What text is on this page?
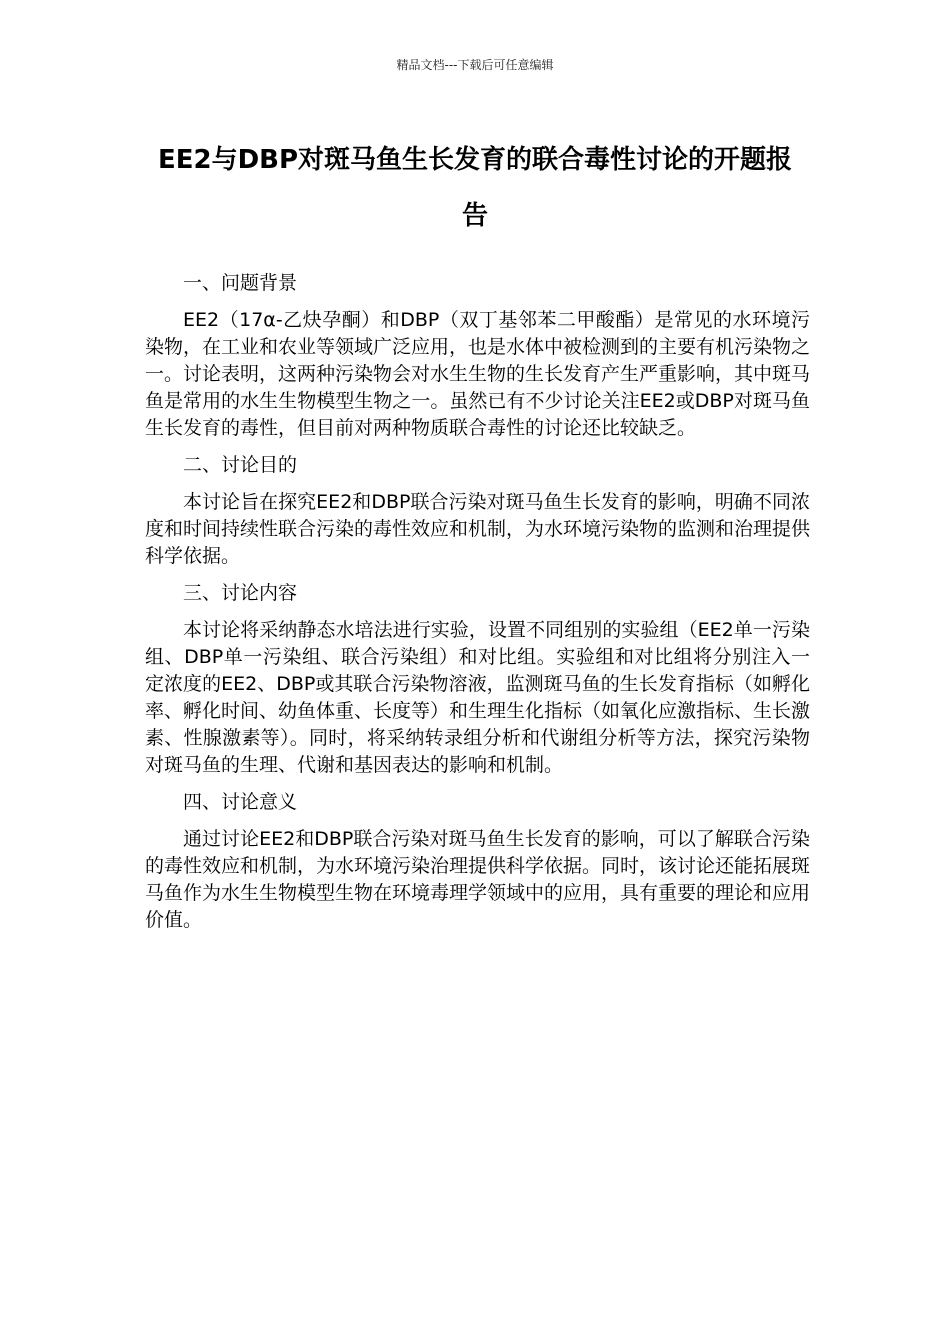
精品文档---下载后可任意编辑
EE2与DBP对斑马鱼生长发育的联合毒性讨论的开题报告
一、问题背景

EE2（17α-乙炔孕酮）和DBP（双丁基邻苯二甲酸酯）是常见的水环境污染物，在工业和农业等领域广泛应用，也是水体中被检测到的主要有机污染物之一。讨论表明，这两种污染物会对水生生物的生长发育产生严重影响，其中斑马鱼是常用的水生生物模型生物之一。虽然已有不少讨论关注EE2或DBP对斑马鱼生长发育的毒性，但目前对两种物质联合毒性的讨论还比较缺乏。

二、讨论目的

本讨论旨在探究EE2和DBP联合污染对斑马鱼生长发育的影响，明确不同浓度和时间持续性联合污染的毒性效应和机制，为水环境污染物的监测和治理提供科学依据。

三、讨论内容

本讨论将采纳静态水培法进行实验，设置不同组别的实验组（EE2单一污染组、DBP单一污染组、联合污染组）和对比组。实验组和对比组将分别注入一定浓度的EE2、DBP或其联合污染物溶液，监测斑马鱼的生长发育指标（如孵化率、孵化时间、幼鱼体重、长度等）和生理生化指标（如氧化应激指标、生长激素、性腺激素等）。同时，将采纳转录组分析和代谢组分析等方法，探究污染物对斑马鱼的生理、代谢和基因表达的影响和机制。

四、讨论意义

通过讨论EE2和DBP联合污染对斑马鱼生长发育的影响，可以了解联合污染的毒性效应和机制，为水环境污染治理提供科学依据。同时，该讨论还能拓展斑马鱼作为水生生物模型生物在环境毒理学领域中的应用，具有重要的理论和应用价值。
